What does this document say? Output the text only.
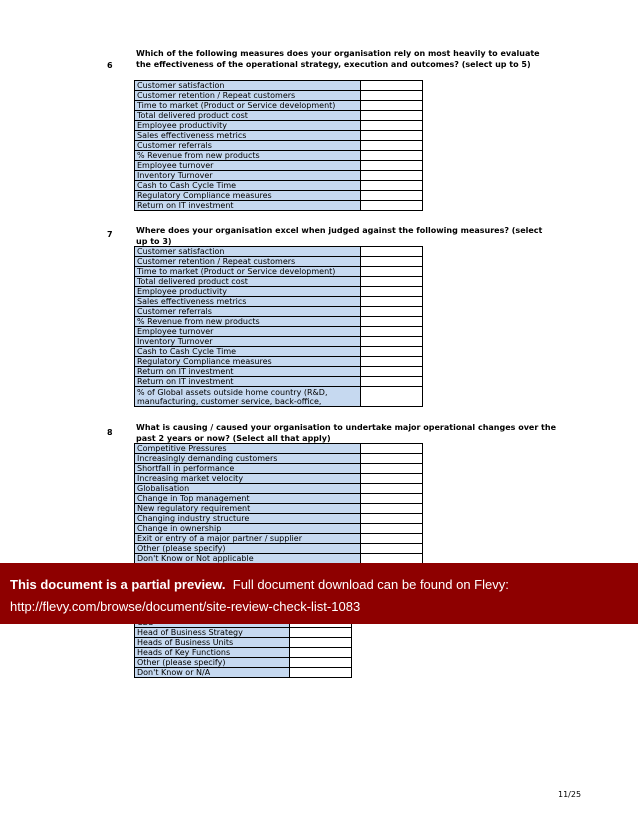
6
Which of the following measures does your organisation rely on most heavily to evaluate the effectiveness of the operational strategy, execution and outcomes? (select up to 5)
Customer satisfaction	
Customer retention / Repeat customers	
Time to market (Product or Service development)	
Total delivered product cost	
Employee productivity	
Sales effectiveness metrics	
Customer referrals	
% Revenue from new products	
Employee turnover	
Inventory Turnover	
Cash to Cash Cycle Time	
Regulatory Compliance measures	
Return on IT investment	
7	Where does your organisation excel when judged against the following measures? (select up to 3)
Customer satisfaction	
Customer retention / Repeat customers	
Time to market (Product or Service development)	
Total delivered product cost	
Employee productivity	
Sales effectiveness metrics	
Customer referrals	
% Revenue from new products	
Employee turnover	
Inventory Turnover	
Cash to Cash Cycle Time	
Regulatory Compliance measures	
Return on IT investment	
Return on IT investment	
% of Global assets outside home country (R&D, manufacturing, customer service, back-office,	
8
What is causing / caused your organisation to undertake major operational changes over the past 2 years or now? (Select all that apply)
Competitive Pressures	
Increasingly demanding customers	
Shortfall in performance	
Increasing market velocity	
Globalisation	
Change in Top management	
New regulatory requirement	
Changing industry structure	
Change in ownership	
Exit or entry of a major partner / supplier	
Other (please specify)	
Don't Know or Not applicable	

Head of Business Strategy	
Heads of Business Units	
Heads of Key Functions	
Other (please specify)	
Don't Know or N/A	
This document is a partial preview. Full document download can be found on Flevy:
http://flevy.com/browse/document/site-review-check-list-1083
11/25
